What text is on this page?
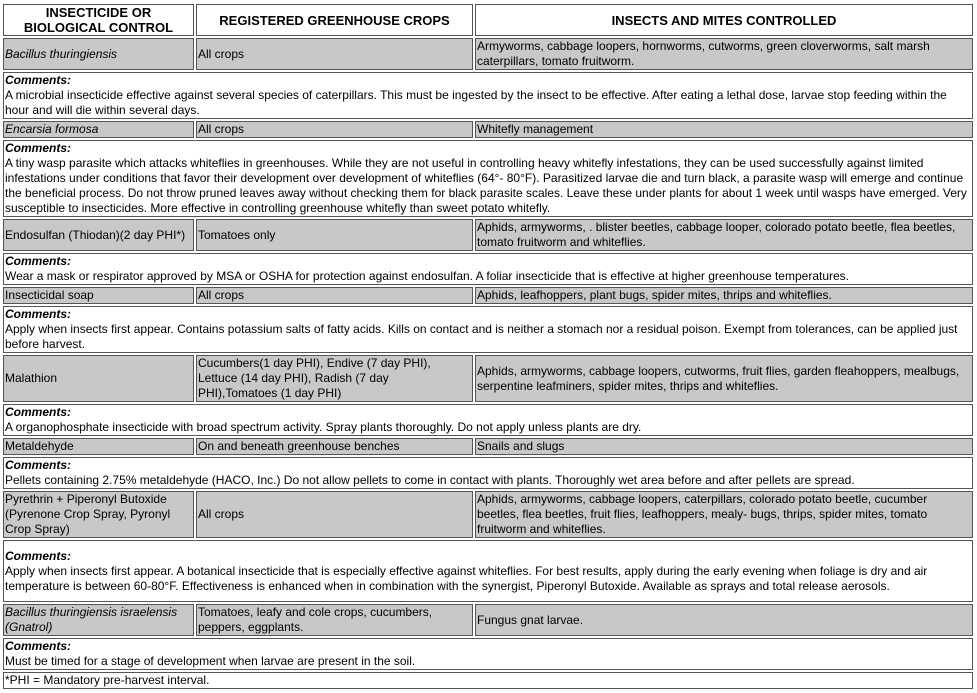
INSECTICIDE OR BIOLOGICAL CONTROL	REGISTERED GREENHOUSE CROPS	INSECTS AND MITES CONTROLLED
Bacillus thuringiensis	All crops	Armyworms, cabbage loopers, hornworms, cutworms, green cloverworms, salt marsh caterpillars, tomato fruitworm.

Comments:
A microbial insecticide effective against several species of caterpillars. This must be ingested by the insect to be effective. After eating a lethal dose, larvae stop feeding within the hour and will die within several days.		
Encarsia formosa	All crops	Whitefly management

Comments:
A tiny wasp parasite which attacks whiteflies in greenhouses. While they are not useful in controlling heavy whitefly infestations, they can be used successfully against limited infestations under conditions that favor their development over development of whiteflies (64°- 80°F). Parasitized larvae die and turn black, a parasite wasp will emerge and continue the beneficial process. Do not throw pruned leaves away without checking them for black parasite scales. Leave these under plants for about 1 week until wasps have emerged. Very susceptible to insecticides. More effective in controlling greenhouse whitefly than sweet potato whitefly.		
Endosulfan (Thiodan)(2 day PHI*)	Tomatoes only	Aphids, armyworms, . blister beetles, cabbage looper, colorado potato beetle, flea beetles, tomato fruitworm and whiteflies.

Comments:
Wear a mask or respirator approved by MSA or OSHA for protection against endosulfan. A foliar insecticide that is effective at higher greenhouse temperatures.		
Insecticidal soap	All crops	Aphids, leafhoppers, plant bugs, spider mites, thrips and whiteflies.

Comments:
Apply when insects first appear. Contains potassium salts of fatty acids. Kills on contact and is neither a stomach nor a residual poison. Exempt from tolerances, can be applied just before harvest.		
Malathion	Cucumbers(1 day PHI), Endive (7 day PHI), Lettuce (14 day PHI), Radish (7 day PHI),Tomatoes (1 day PHI)	Aphids, armyworms, cabbage loopers, cutworms, fruit flies, garden fleahoppers, mealbugs, serpentine leafminers, spider mites, thrips and whiteflies.

Comments:
A organophosphate insecticide with broad spectrum activity. Spray plants thoroughly. Do not apply unless plants are dry.		
Metaldehyde	On and beneath greenhouse benches	Snails and slugs

Comments:
Pellets containing 2.75% metaldehyde (HACO, Inc.) Do not allow pellets to come in contact with plants. Thoroughly wet area before and after pellets are spread.		
Pyrethrin + Piperonyl Butoxide (Pyrenone Crop Spray, Pyronyl Crop Spray)	All crops	Aphids, armyworms, cabbage loopers, caterpillars, colorado potato beetle, cucumber beetles, flea beetles, fruit flies, leafhoppers, mealy- bugs, thrips, spider mites, tomato fruitworm and whiteflies.

Comments:
Apply when insects first appear. A botanical insecticide that is especially effective against whiteflies. For best results, apply during the early evening when foliage is dry and air temperature is between 60-80°F. Effectiveness is enhanced when in combination with the synergist, Piperonyl Butoxide. Available as sprays and total release aerosols.		
Bacillus thuringiensis israelensis (Gnatrol)	Tomatoes, leafy and cole crops, cucumbers, peppers, eggplants.	Fungus gnat larvae.

Comments:
Must be timed for a stage of development when larvae are present in the soil.		
*PHI = Mandatory pre-harvest interval.		
